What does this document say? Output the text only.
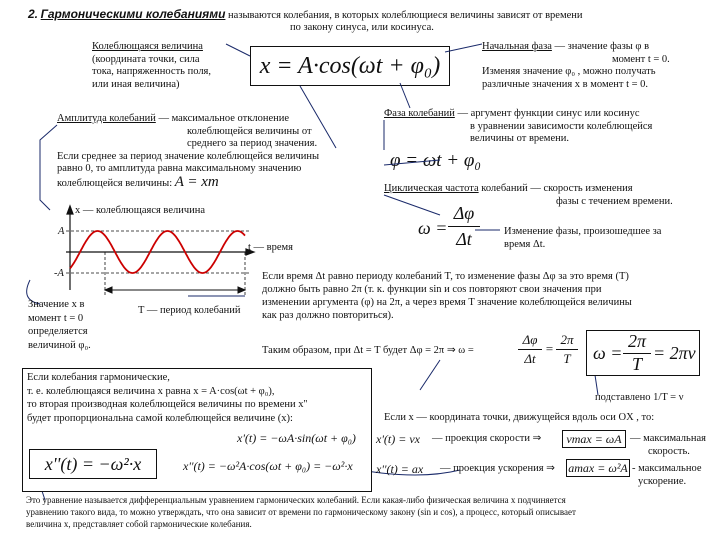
2. Гармоническими колебаниями называются колебания, в которых колеблющиеся величины зависят от времени
по закону синуса, или косинуса.
Колеблющаяся величина
(координата точки, сила
тока, напряженность поля,
или иная величина)
x = A·cos(ωt + φ₀)
Начальная фаза — значение фазы φ в
момент t = 0.
Изменяя значение φ₀ , можно получать
различные значения x в момент t = 0.
Фаза колебаний — аргумент функции синус или косинус
в уравнении зависимости колеблющейся
величины от времени.
φ = ωt + φ₀
Амплитуда колебаний — максимальное отклонение
колеблющейся величины от
среднего за период значения.
Если среднее за период значение колеблющейся величины
равно 0, то амплитуда равна максимальному значению
колеблющейся величины: A = xm	Циклическая частота колебаний — скорость изменения
фазы с течением времени.
ω =
Δφ
Δt	Изменение фазы, произошедшее за
время Δt.
x — колеблющаяся величина
A
-A
t — время
T — период колебаний
Значение x в
момент t = 0
определяется
величиной φ₀.
Если время Δt равно периоду колебаний T, то изменение фазы Δφ за это время (T)
должно быть равно 2π (т. к. функции sin и cos повторяют свои значения при
изменении аргумента (φ) на 2π, а через время T значение колеблющейся величины
как раз должно повториться).
Таким образом, при Δt = T будет Δφ = 2π ⇒ ω =
Δφ
Δt
=
2π
T	ω =
2π
T
= 2πν
подставлено 1/T = ν
Если колебания гармонические,
т. е. колеблющаяся величина x равна x = A·cos(ωt + φ₀),
то вторая производная колеблющейся величины по времени x''
будет пропорциональна самой колеблющейся величине (x):
x'(t) = −ωA·sin(ωt + φ₀)
x''(t) = −ω²A·cos(ωt + φ₀) = −ω²·x
x''(t) = −ω²·x
Если x — координата точки, движущейся вдоль оси OX , то:
x'(t) = vx — проекция скорости ⇒ vmax = ωA — максимальная
скорость.
x''(t) = ax — проекция ускорения ⇒ amax = ω²A - максимальное
ускорение.
Это уравнение называется дифференциальным уравнением гармонических колебаний. Если какая-либо физическая величина x подчиняется
уравнению такого вида, то можно утверждать, что она зависит от времени по гармоническому закону (sin и cos), а процесс, который описывает
величина x, представляет собой гармонические колебания.
